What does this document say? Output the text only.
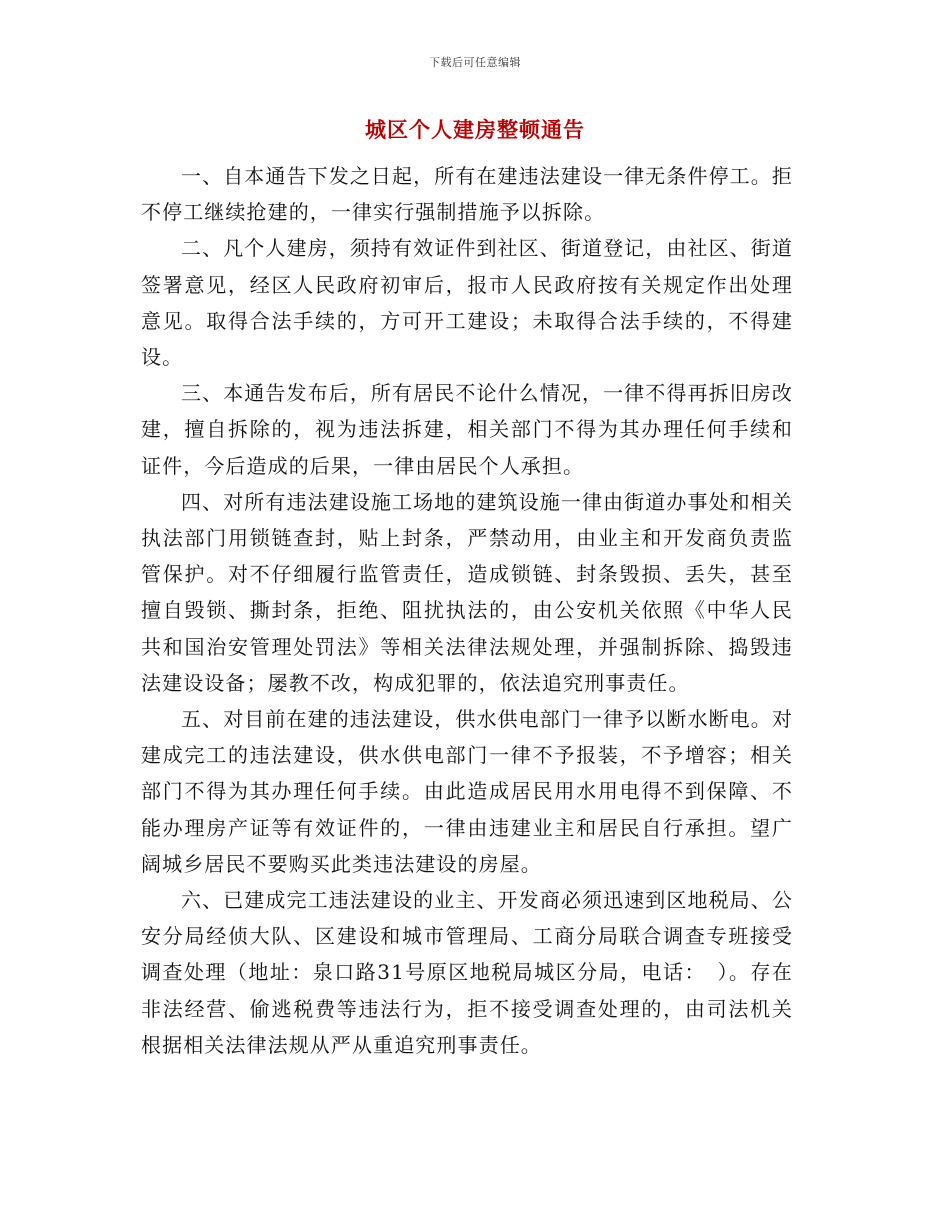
下载后可任意编辑
城区个人建房整顿通告

一、自本通告下发之日起，所有在建违法建设一律无条件停工。拒不停工继续抢建的，一律实行强制措施予以拆除。

二、凡个人建房，须持有效证件到社区、街道登记，由社区、街道签署意见，经区人民政府初审后，报市人民政府按有关规定作出处理意见。取得合法手续的，方可开工建设；未取得合法手续的，不得建设。

三、本通告发布后，所有居民不论什么情况，一律不得再拆旧房改建，擅自拆除的，视为违法拆建，相关部门不得为其办理任何手续和证件，今后造成的后果，一律由居民个人承担。

四、对所有违法建设施工场地的建筑设施一律由街道办事处和相关执法部门用锁链查封，贴上封条，严禁动用，由业主和开发商负责监管保护。对不仔细履行监管责任，造成锁链、封条毁损、丢失，甚至擅自毁锁、撕封条，拒绝、阻扰执法的，由公安机关依照《中华人民共和国治安管理处罚法》等相关法律法规处理，并强制拆除、捣毁违法建设设备；屡教不改，构成犯罪的，依法追究刑事责任。

五、对目前在建的违法建设，供水供电部门一律予以断水断电。对建成完工的违法建设，供水供电部门一律不予报装，不予增容；相关部门不得为其办理任何手续。由此造成居民用水用电得不到保障、不能办理房产证等有效证件的，一律由违建业主和居民自行承担。望广阔城乡居民不要购买此类违法建设的房屋。

六、已建成完工违法建设的业主、开发商必须迅速到区地税局、公安分局经侦大队、区建设和城市管理局、工商分局联合调查专班接受调查处理（地址：泉口路31号原区地税局城区分局，电话：　）。存在非法经营、偷逃税费等违法行为，拒不接受调查处理的，由司法机关根据相关法律法规从严从重追究刑事责任。
